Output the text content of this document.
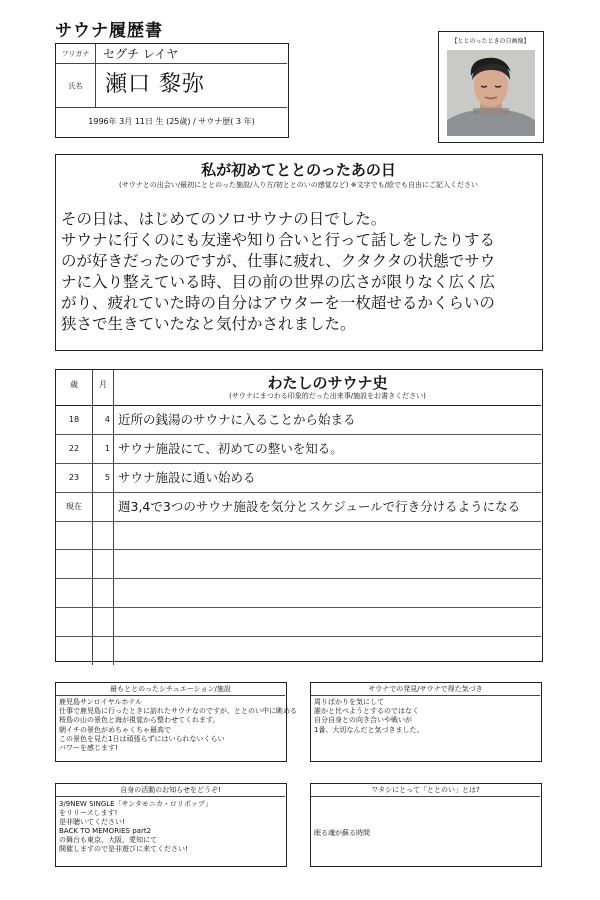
サウナ履歴書
フリガナ	セグチ レイヤ
氏名	瀬口 黎弥
1996年 3月 11日 生 (25歳) / サウナ歴( 3 年)
【ととのったときの自画像】
私が初めてととのったあの日
(サウナとの出会い/最初にととのった施設/入り方/初ととのいの感覚など) ※文字でも/絵でも自由にご記入ください
その日は、はじめてのソロサウナの日でした。
サウナに行くのにも友達や知り合いと行って話しをしたりする
のが好きだったのですが、仕事に疲れ、クタクタの状態でサウ
ナに入り整えている時、目の前の世界の広さが限りなく広く広
がり、疲れていた時の自分はアウターを一枚超せるかくらいの
狭さで生きていたなと気付かされました。
歳	月	わたしのサウナ史
(サウナにまつわる印象的だった出来事/施設をお書きください)
18	4 近所の銭湯のサウナに入ることから始まる
22	1 サウナ施設にて、初めての整いを知る。
23	5 サウナ施設に通い始める
現在	週3,4で3つのサウナ施設を気分とスケジュールで行き分けるようになる
最もととのったシチュエーション/施設
鹿児島サンロイヤルホテル
仕事で鹿児島に行ったときに訪れたサウナなのですが、ととのい中に眺める
桜島の山の景色と海が視覚から整わせてくれます。
朝イチの景色がめちゃくちゃ最高で
この景色を見た1日は頑張らずにはいられないくらい
パワーを感じます!
サウナでの発見/サウナで得た気づき
周りばかりを気にして
誰かと比べようとするのではなく
自分自身との向き合いや戦いが
1番、大切なんだと気づきました。
自身の活動のお知らせをどうぞ!
3/9NEW SINGLE「サンタモニカ・ロリポップ」
をリリースします!
是非聴いてください!
BACK TO MEMORIES part2
の舞台も東京、大阪、愛知にて
開催しますので是非遊びに来てください!
ワタシにとって「ととのい」とは?
眠る魂が蘇る時間
